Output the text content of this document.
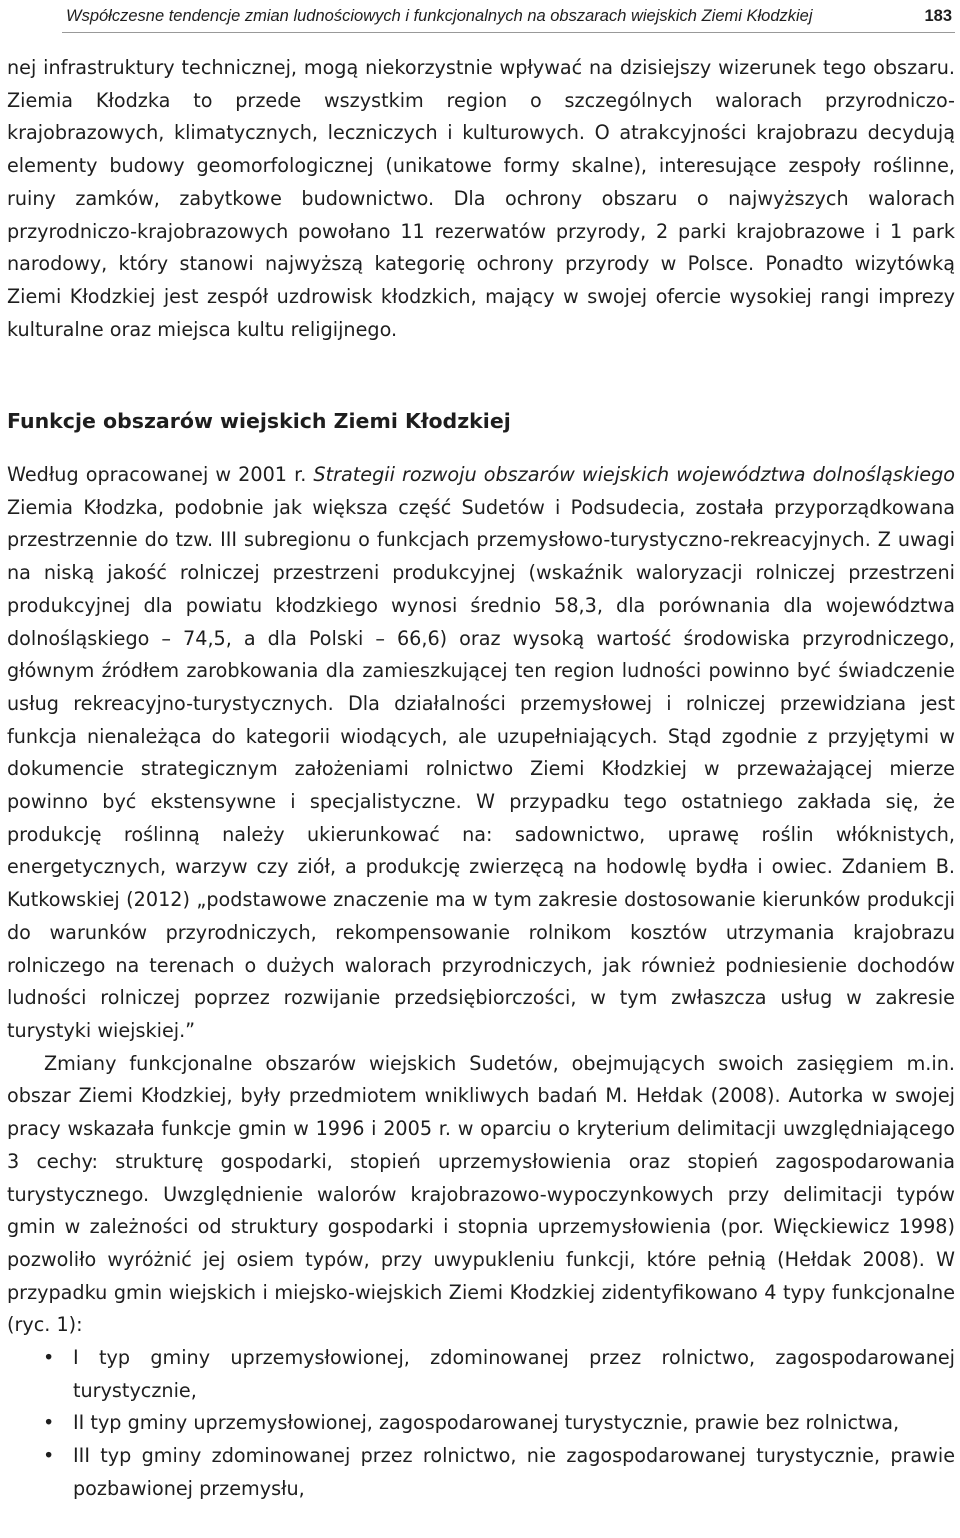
Współczesne tendencje zmian ludnościowych i funkcjonalnych na obszarach wiejskich Ziemi Kłodzkiej	183

nej infrastruktury technicznej, mogą niekorzystnie wpływać na dzisiejszy wizerunek tego obszaru. Ziemia Kłodzka to przede wszystkim region o szczególnych walorach przyrodniczo-krajobrazowych, klimatycznych, leczniczych i kulturowych. O atrakcyjności krajobrazu decydują elementy budowy geomorfologicznej (unikatowe formy skalne), interesujące zespoły roślinne, ruiny zamków, zabytkowe budownictwo. Dla ochrony obszaru o najwyższych walorach przyrodniczo-krajobrazowych powołano 11 rezerwatów przyrody, 2 parki krajobrazowe i 1 park narodowy, który stanowi najwyższą kategorię ochrony przyrody w Polsce. Ponadto wizytówką Ziemi Kłodzkiej jest zespół uzdrowisk kłodzkich, mający w swojej ofercie wysokiej rangi imprezy kulturalne oraz miejsca kultu religijnego.

Funkcje obszarów wiejskich Ziemi Kłodzkiej

Według opracowanej w 2001 r. Strategii rozwoju obszarów wiejskich województwa dolnośląskiego Ziemia Kłodzka, podobnie jak większa część Sudetów i Podsudecia, została przyporządkowana przestrzennie do tzw. III subregionu o funkcjach przemysłowo-turystyczno-rekreacyjnych. Z uwagi na niską jakość rolniczej przestrzeni produkcyjnej (wskaźnik waloryzacji rolniczej przestrzeni produkcyjnej dla powiatu kłodzkiego wynosi średnio 58,3, dla porównania dla województwa dolnośląskiego – 74,5, a dla Polski – 66,6) oraz wysoką wartość środowiska przyrodniczego, głównym źródłem zarobkowania dla zamieszkującej ten region ludności powinno być świadczenie usług rekreacyjno-turystycznych. Dla działalności przemysłowej i rolniczej przewidziana jest funkcja nienależąca do kategorii wiodących, ale uzupełniających. Stąd zgodnie z przyjętymi w dokumencie strategicznym założeniami rolnictwo Ziemi Kłodzkiej w przeważającej mierze powinno być ekstensywne i specjalistyczne. W przypadku tego ostatniego zakłada się, że produkcję roślinną należy ukierunkować na: sadownictwo, uprawę roślin włóknistych, energetycznych, warzyw czy ziół, a produkcję zwierzęcą na hodowlę bydła i owiec. Zdaniem B. Kutkowskiej (2012) „podstawowe znaczenie ma w tym zakresie dostosowanie kierunków produkcji do warunków przyrodniczych, rekompensowanie rolnikom kosztów utrzymania krajobrazu rolniczego na terenach o dużych walorach przyrodniczych, jak również podniesienie dochodów ludności rolniczej poprzez rozwijanie przedsiębiorczości, w tym zwłaszcza usług w zakresie turystyki wiejskiej.”

Zmiany funkcjonalne obszarów wiejskich Sudetów, obejmujących swoich zasięgiem m.in. obszar Ziemi Kłodzkiej, były przedmiotem wnikliwych badań M. Hełdak (2008). Autorka w swojej pracy wskazała funkcje gmin w 1996 i 2005 r. w oparciu o kryterium delimitacji uwzględniającego 3 cechy: strukturę gospodarki, stopień uprzemysłowienia oraz stopień zagospodarowania turystycznego. Uwzględnienie walorów krajobrazowo-wypoczynkowych przy delimitacji typów gmin w zależności od struktury gospodarki i stopnia uprzemysłowienia (por. Więckiewicz 1998) pozwoliło wyróżnić jej osiem typów, przy uwypukleniu funkcji, które pełnią (Hełdak 2008). W przypadku gmin wiejskich i miejsko-wiejskich Ziemi Kłodzkiej zidentyfikowano 4 typy funkcjonalne (ryc. 1):

• I typ gminy uprzemysłowionej, zdominowanej przez rolnictwo, zagospodarowanej turystycznie,
• II typ gminy uprzemysłowionej, zagospodarowanej turystycznie, prawie bez rolnictwa,
• III typ gminy zdominowanej przez rolnictwo, nie zagospodarowanej turystycznie, prawie pozbawionej przemysłu,
